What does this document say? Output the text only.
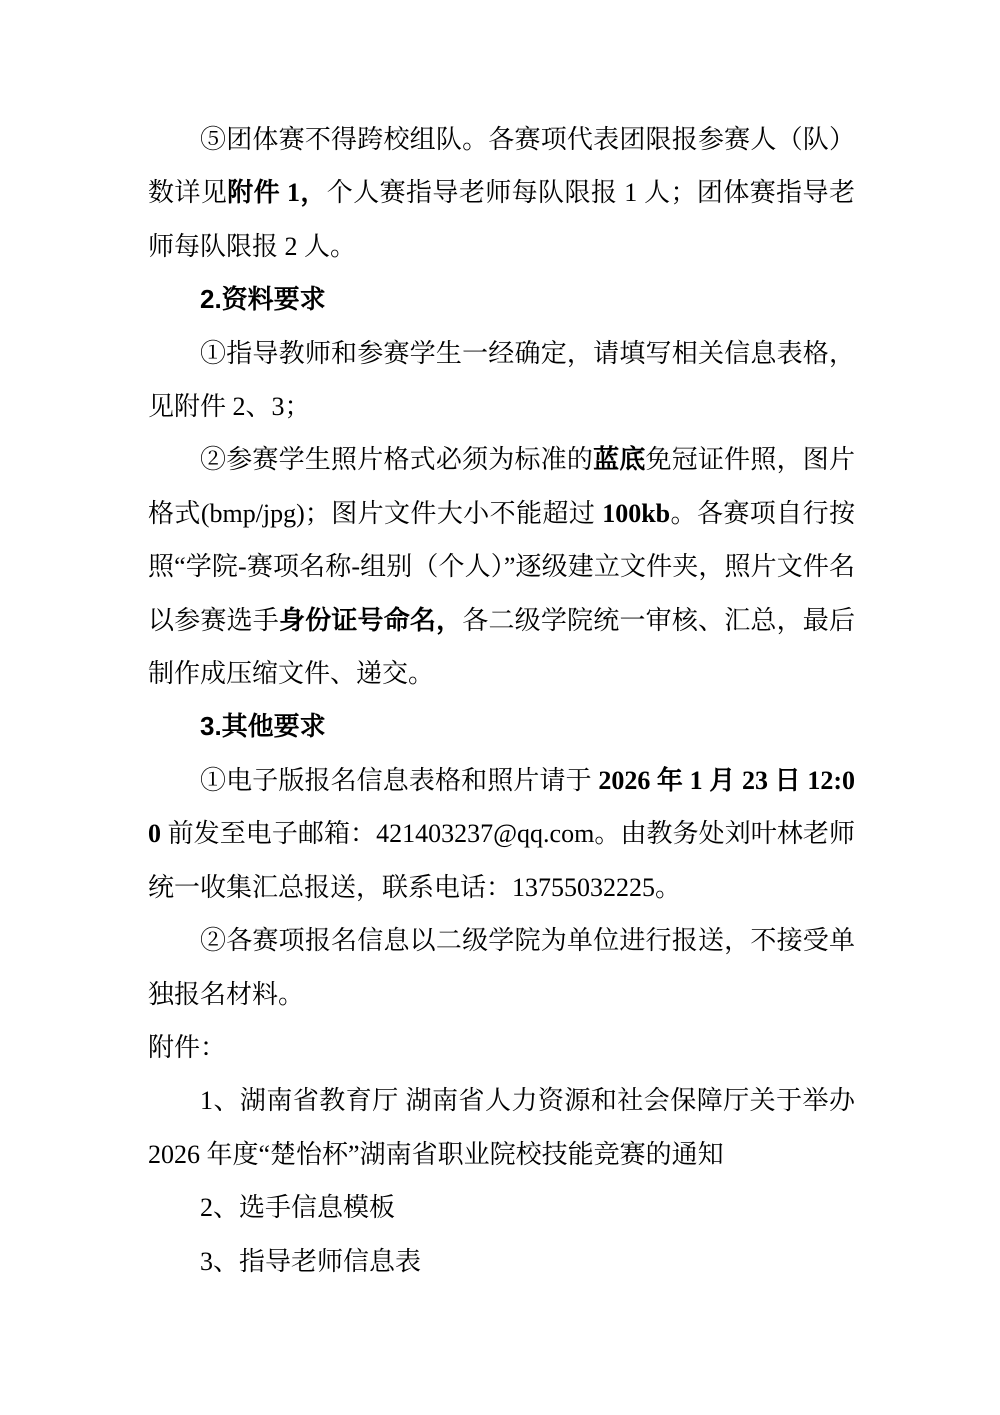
⑤团体赛不得跨校组队。各赛项代表团限报参赛人（队）数详见附件 1，个人赛指导老师每队限报 1 人；团体赛指导老师每队限报 2 人。
2.资料要求
①指导教师和参赛学生一经确定，请填写相关信息表格，见附件 2、3；
②参赛学生照片格式必须为标准的蓝底免冠证件照，图片格式(bmp/jpg)；图片文件大小不能超过 100kb。各赛项自行按照“学院-赛项名称-组别（个人）”逐级建立文件夹，照片文件名以参赛选手身份证号命名，各二级学院统一审核、汇总，最后制作成压缩文件、递交。
3.其他要求
①电子版报名信息表格和照片请于 2026 年 1 月 23 日 12:00 前发至电子邮箱：421403237@qq.com。由教务处刘叶林老师统一收集汇总报送，联系电话：13755032225。
②各赛项报名信息以二级学院为单位进行报送，不接受单独报名材料。
附件：
1、湖南省教育厅 湖南省人力资源和社会保障厅关于举办 2026 年度“楚怡杯”湖南省职业院校技能竞赛的通知
2、选手信息模板
3、指导老师信息表
